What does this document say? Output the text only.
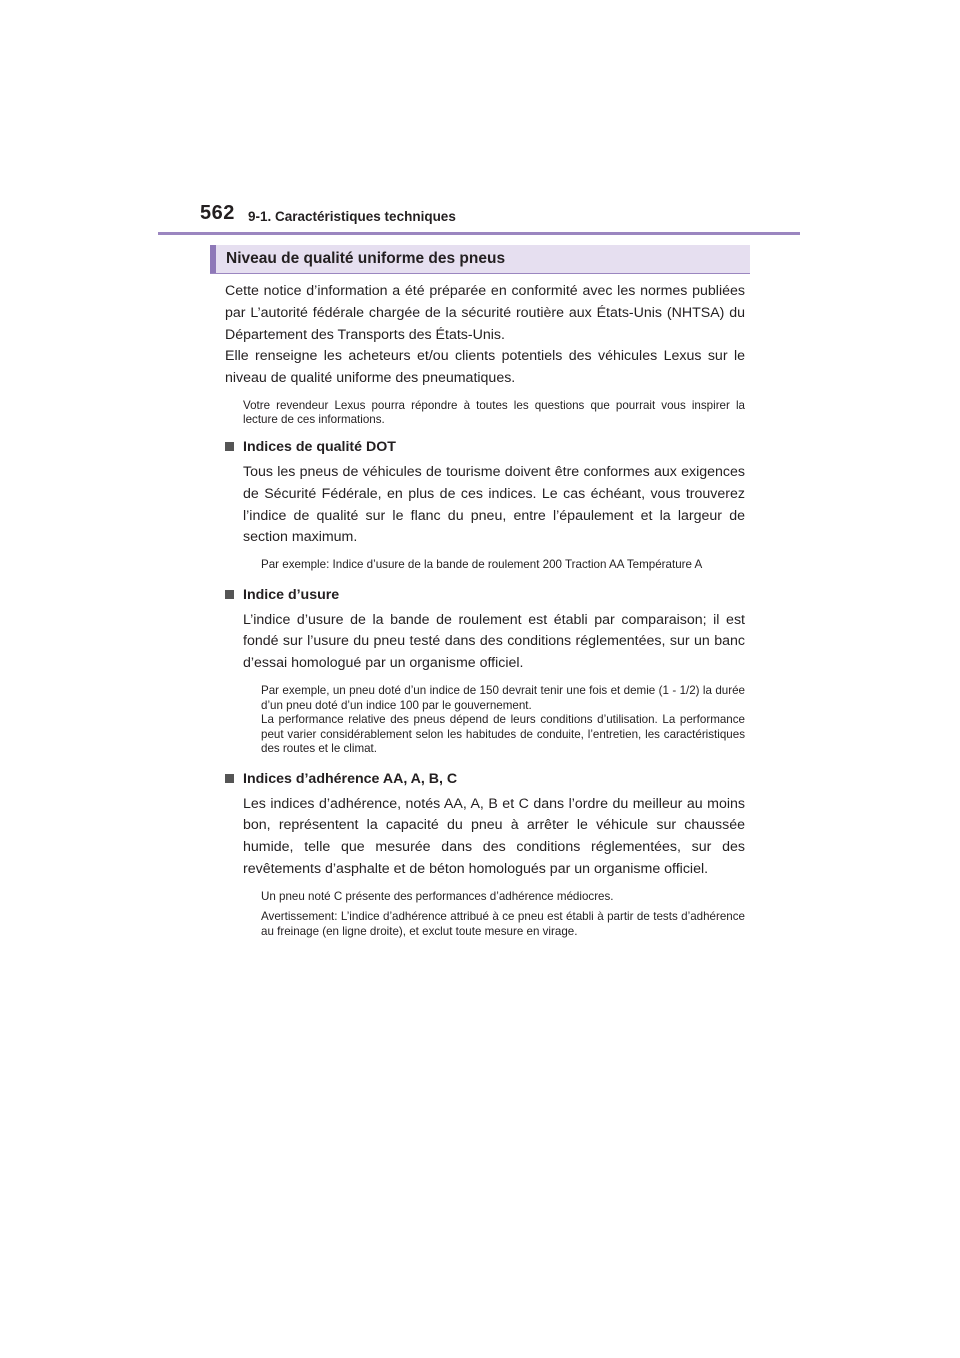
562 9-1. Caractéristiques techniques
Niveau de qualité uniforme des pneus

Cette notice d’information a été préparée en conformité avec les normes publiées par L’autorité fédérale chargée de la sécurité routière aux États-Unis (NHTSA) du Département des Transports des États-Unis.

Elle renseigne les acheteurs et/ou clients potentiels des véhicules Lexus sur le niveau de qualité uniforme des pneumatiques.

Votre revendeur Lexus pourra répondre à toutes les questions que pourrait vous inspirer la lecture de ces informations.

Indices de qualité DOT

Tous les pneus de véhicules de tourisme doivent être conformes aux exigences de Sécurité Fédérale, en plus de ces indices. Le cas échéant, vous trouverez l’indice de qualité sur le flanc du pneu, entre l’épaulement et la largeur de section maximum.

Par exemple: Indice d’usure de la bande de roulement 200 Traction AA Température A

Indice d’usure

L’indice d’usure de la bande de roulement est établi par comparaison; il est fondé sur l’usure du pneu testé dans des conditions réglementées, sur un banc d’essai homologué par un organisme officiel.

Par exemple, un pneu doté d’un indice de 150 devrait tenir une fois et demie (1 - 1/2) la durée d’un pneu doté d’un indice 100 par le gouvernement.

La performance relative des pneus dépend de leurs conditions d’utilisation. La performance peut varier considérablement selon les habitudes de conduite, l’entretien, les caractéristiques des routes et le climat.

Indices d’adhérence AA, A, B, C

Les indices d’adhérence, notés AA, A, B et C dans l’ordre du meilleur au moins bon, représentent la capacité du pneu à arrêter le véhicule sur chaussée humide, telle que mesurée dans des conditions réglementées, sur des revêtements d’asphalte et de béton homologués par un organisme officiel.

Un pneu noté C présente des performances d’adhérence médiocres.

Avertissement: L’indice d’adhérence attribué à ce pneu est établi à partir de tests d’adhérence au freinage (en ligne droite), et exclut toute mesure en virage.
